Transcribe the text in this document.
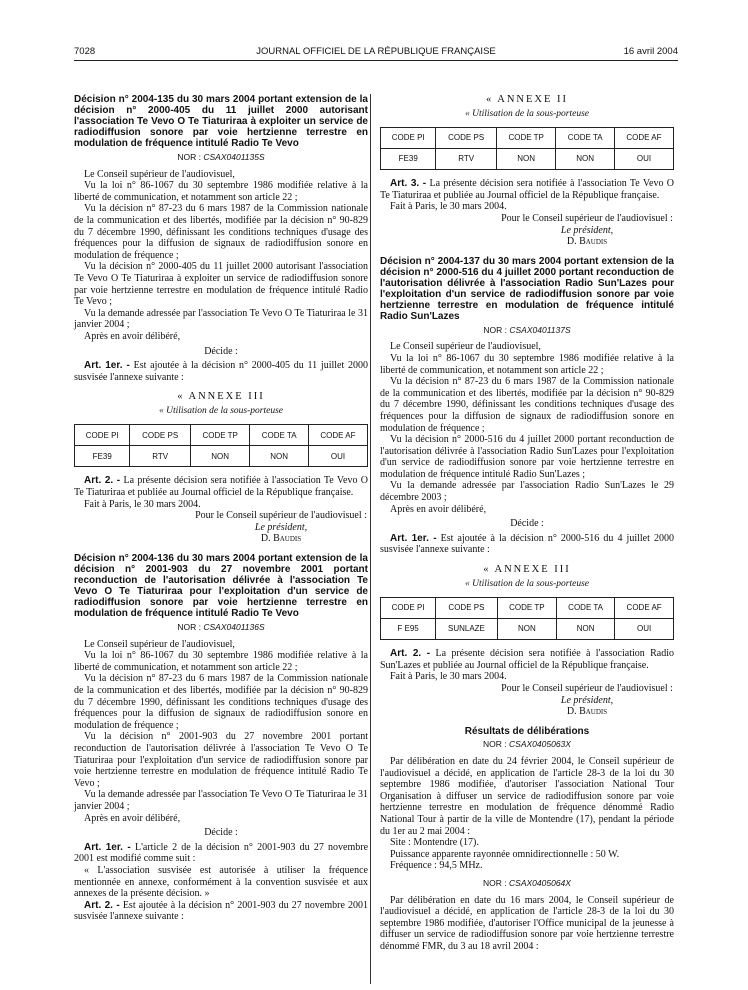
7028	JOURNAL OFFICIEL DE LA RÉPUBLIQUE FRANÇAISE	16 avril 2004
Décision n° 2004-135 du 30 mars 2004 portant extension de la décision n° 2000-405 du 11 juillet 2000 autorisant l'association Te Vevo O Te Tiaturiraa à exploiter un service de radiodiffusion sonore par voie hertzienne terrestre en modulation de fréquence intitulé Radio Te Vevo
NOR : CSAX0401135S

Le Conseil supérieur de l'audiovisuel,

Vu la loi n° 86-1067 du 30 septembre 1986 modifiée relative à la liberté de communication, et notamment son article 22 ;

Vu la décision n° 87-23 du 6 mars 1987 de la Commission nationale de la communication et des libertés, modifiée par la décision n° 90-829 du 7 décembre 1990, définissant les conditions techniques d'usage des fréquences pour la diffusion de signaux de radiodiffusion sonore en modulation de fréquence ;

Vu la décision n° 2000-405 du 11 juillet 2000 autorisant l'association Te Vevo O Te Tiaturiraa à exploiter un service de radiodiffusion sonore par voie hertzienne terrestre en modulation de fréquence intitulé Radio Te Vevo ;

Vu la demande adressée par l'association Te Vevo O Te Tiaturiraa le 31 janvier 2004 ;

Après en avoir délibéré,

Décide :

Art. 1er. - Est ajoutée à la décision n° 2000-405 du 11 juillet 2000 susvisée l'annexe suivante :

« ANNEXE III
« Utilisation de la sous-porteuse
CODE PI	CODE PS	CODE TP	CODE TA	CODE AF
FE39	RTV	NON	NON	OUI

Art. 2. - La présente décision sera notifiée à l'association Te Vevo O Te Tiaturiraa et publiée au Journal officiel de la République française.

Fait à Paris, le 30 mars 2004.

Pour le Conseil supérieur de l'audiovisuel :

Le président,

D. Baudis

Décision n° 2004-136 du 30 mars 2004 portant extension de la décision n° 2001-903 du 27 novembre 2001 portant reconduction de l'autorisation délivrée à l'association Te Vevo O Te Tiaturiraa pour l'exploitation d'un service de radiodiffusion sonore par voie hertzienne terrestre en modulation de fréquence intitulé Radio Te Vevo
NOR : CSAX0401136S

Le Conseil supérieur de l'audiovisuel,

Vu la loi n° 86-1067 du 30 septembre 1986 modifiée relative à la liberté de communication, et notamment son article 22 ;

Vu la décision n° 87-23 du 6 mars 1987 de la Commission nationale de la communication et des libertés, modifiée par la décision n° 90-829 du 7 décembre 1990, définissant les conditions techniques d'usage des fréquences pour la diffusion de signaux de radiodiffusion sonore en modulation de fréquence ;

Vu la décision n° 2001-903 du 27 novembre 2001 portant reconduction de l'autorisation délivrée à l'association Te Vevo O Te Tiaturiraa pour l'exploitation d'un service de radiodiffusion sonore par voie hertzienne terrestre en modulation de fréquence intitulé Radio Te Vevo ;

Vu la demande adressée par l'association Te Vevo O Te Tiaturiraa le 31 janvier 2004 ;

Après en avoir délibéré,

Décide :

Art. 1er. - L'article 2 de la décision n° 2001-903 du 27 novembre 2001 est modifié comme suit :

« L'association susvisée est autorisée à utiliser la fréquence mentionnée en annexe, conformément à la convention susvisée et aux annexes de la présente décision. »

Art. 2. - Est ajoutée à la décision n° 2001-903 du 27 novembre 2001 susvisée l'annexe suivante :

« ANNEXE II
« Utilisation de la sous-porteuse
CODE PI	CODE PS	CODE TP	CODE TA	CODE AF
FE39	RTV	NON	NON	OUI

Art. 3. - La présente décision sera notifiée à l'association Te Vevo O Te Tiaturiraa et publiée au Journal officiel de la République française.

Fait à Paris, le 30 mars 2004.

Pour le Conseil supérieur de l'audiovisuel :

Le président,

D. Baudis

Décision n° 2004-137 du 30 mars 2004 portant extension de la décision n° 2000-516 du 4 juillet 2000 portant reconduction de l'autorisation délivrée à l'association Radio Sun'Lazes pour l'exploitation d'un service de radiodiffusion sonore par voie hertzienne terrestre en modulation de fréquence intitulé Radio Sun'Lazes
NOR : CSAX0401137S

Le Conseil supérieur de l'audiovisuel,

Vu la loi n° 86-1067 du 30 septembre 1986 modifiée relative à la liberté de communication, et notamment son article 22 ;

Vu la décision n° 87-23 du 6 mars 1987 de la Commission nationale de la communication et des libertés, modifiée par la décision n° 90-829 du 7 décembre 1990, définissant les conditions techniques d'usage des fréquences pour la diffusion de signaux de radiodiffusion sonore en modulation de fréquence ;

Vu la décision n° 2000-516 du 4 juillet 2000 portant reconduction de l'autorisation délivrée à l'association Radio Sun'Lazes pour l'exploitation d'un service de radiodiffusion sonore par voie hertzienne terrestre en modulation de fréquence intitulé Radio Sun'Lazes ;

Vu la demande adressée par l'association Radio Sun'Lazes le 29 décembre 2003 ;

Après en avoir délibéré,

Décide :

Art. 1er. - Est ajoutée à la décision n° 2000-516 du 4 juillet 2000 susvisée l'annexe suivante :

« ANNEXE III
« Utilisation de la sous-porteuse
CODE PI	CODE PS	CODE TP	CODE TA	CODE AF
F E95	SUNLAZE	NON	NON	OUI

Art. 2. - La présente décision sera notifiée à l'association Radio Sun'Lazes et publiée au Journal officiel de la République française.

Fait à Paris, le 30 mars 2004.

Pour le Conseil supérieur de l'audiovisuel :

Le président,

D. Baudis

Résultats de délibérations
NOR : CSAX0405063X

Par délibération en date du 24 février 2004, le Conseil supérieur de l'audiovisuel a décidé, en application de l'article 28-3 de la loi du 30 septembre 1986 modifiée, d'autoriser l'association National Tour Organisation à diffuser un service de radiodiffusion sonore par voie hertzienne terrestre en modulation de fréquence dénommé Radio National Tour à partir de la ville de Montendre (17), pendant la période du 1er au 2 mai 2004 :

Site : Montendre (17).

Puissance apparente rayonnée omnidirectionnelle : 50 W.

Fréquence : 94,5 MHz.

NOR : CSAX0405064X

Par délibération en date du 16 mars 2004, le Conseil supérieur de l'audiovisuel a décidé, en application de l'article 28-3 de la loi du 30 septembre 1986 modifiée, d'autoriser l'Office municipal de la jeunesse à diffuser un service de radiodiffusion sonore par voie hertzienne terrestre dénommé FMR, du 3 au 18 avril 2004 :
